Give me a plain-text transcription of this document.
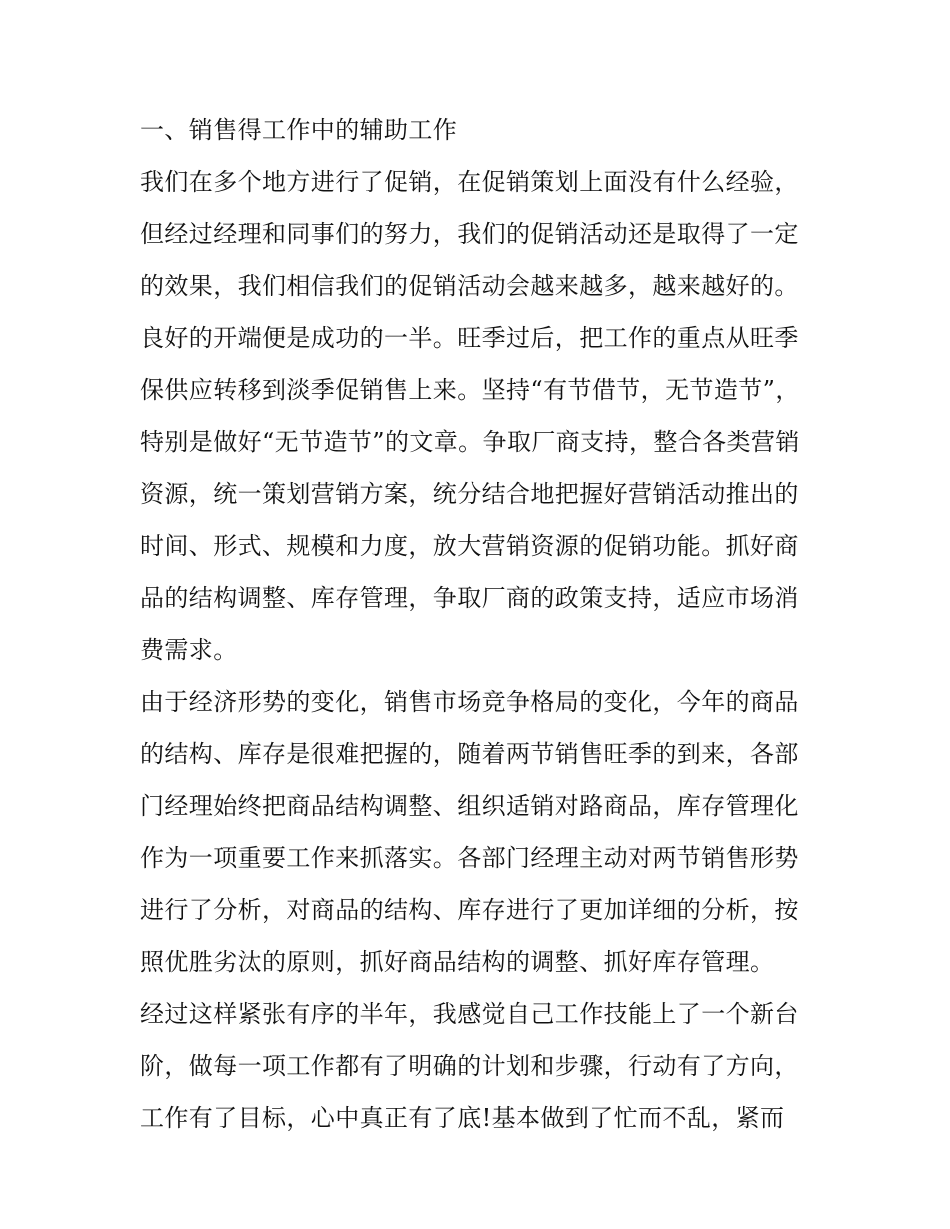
一、销售得工作中的辅助工作
我们在多个地方进行了促销，在促销策划上面没有什么经验，
但经过经理和同事们的努力，我们的促销活动还是取得了一定
的效果，我们相信我们的促销活动会越来越多，越来越好的。
良好的开端便是成功的一半。旺季过后，把工作的重点从旺季
保供应转移到淡季促销售上来。坚持“有节借节，无节造节”，
特别是做好“无节造节”的文章。争取厂商支持，整合各类营销
资源，统一策划营销方案，统分结合地把握好营销活动推出的
时间、形式、规模和力度，放大营销资源的促销功能。抓好商
品的结构调整、库存管理，争取厂商的政策支持，适应市场消
费需求。
由于经济形势的变化，销售市场竞争格局的变化，今年的商品
的结构、库存是很难把握的，随着两节销售旺季的到来，各部
门经理始终把商品结构调整、组织适销对路商品，库存管理化
作为一项重要工作来抓落实。各部门经理主动对两节销售形势
进行了分析，对商品的结构、库存进行了更加详细的分析，按
照优胜劣汰的原则，抓好商品结构的调整、抓好库存管理。
经过这样紧张有序的半年，我感觉自己工作技能上了一个新台
阶，做每一项工作都有了明确的计划和步骤，行动有了方向，
工作有了目标，心中真正有了底!基本做到了忙而不乱，紧而
